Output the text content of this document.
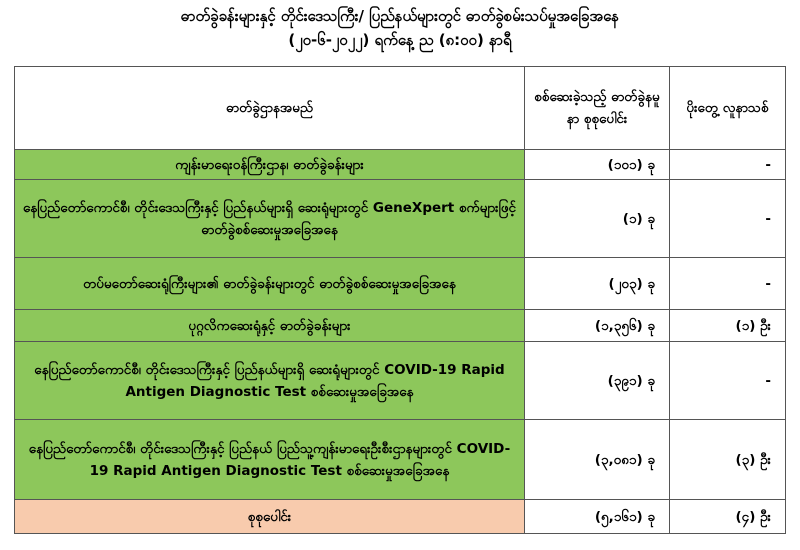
ဓာတ်ခွဲခန်းများနှင့် တိုင်းဒေသကြီး/ ပြည်နယ်များတွင် ဓာတ်ခွဲစမ်းသပ်မှုအခြေအနေ
(၂၀-၆-၂၀၂၂) ရက်နေ့ ည (၈:၀၀) နာရီ
ဓာတ်ခွဲဌာနအမည်	စစ်ဆေးခဲ့သည့် ဓာတ်ခွဲနမူနာ စုစုပေါင်း	ပိုးတွေ့ လူနာသစ်
ကျန်းမာရေးဝန်ကြီးဌာန၊ ဓာတ်ခွဲခန်းများ	(၁၀၁) ခု	-
နေပြည်တော်ကောင်စီ၊ တိုင်းဒေသကြီးနှင့် ပြည်နယ်များရှိ ဆေးရုံများတွင် GeneXpert စက်များဖြင့် ဓာတ်ခွဲစစ်ဆေးမှုအခြေအနေ	(၁) ခု	-
တပ်မတော်ဆေးရုံကြီးများ၏ ဓာတ်ခွဲခန်းများတွင် ဓာတ်ခွဲစစ်ဆေးမှုအခြေအနေ	(၂၀၃) ခု	-
ပုဂ္ဂလိကဆေးရုံနှင့် ဓာတ်ခွဲခန်းများ	(၁,၃၅၆) ခု	(၁) ဦး
နေပြည်တော်ကောင်စီ၊ တိုင်းဒေသကြီးနှင့် ပြည်နယ်များရှိ ဆေးရုံများတွင် COVID-19 Rapid Antigen Diagnostic Test စစ်ဆေးမှုအခြေအနေ	(၃၉၁) ခု	-
နေပြည်တော်ကောင်စီ၊ တိုင်းဒေသကြီးနှင့် ပြည်နယ် ပြည်သူ့ကျန်းမာရေးဦးစီးဌာနများတွင် COVID-19 Rapid Antigen Diagnostic Test စစ်ဆေးမှုအခြေအနေ	(၃,၀၈၁) ခု	(၃) ဦး
စုစုပေါင်း	(၅,၁၆၁) ခု	(၄) ဦး
